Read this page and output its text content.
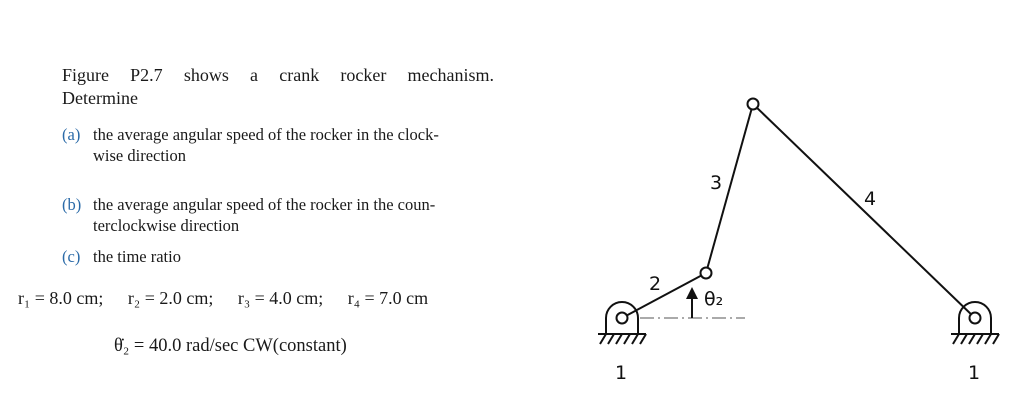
Figure P2.7 shows a crank rocker mechanism.
Determine
(a) the average angular speed of the rocker in the clock-
wise direction
(b) the average angular speed of the rocker in the coun-
terclockwise direction
(c) the time ratio
r₁ = 8.0 cm; r₂ = 2.0 cm; r₃ = 4.0 cm; r₄ = 7.0 cm
θ̇₂ = 40.0 rad/sec CW(constant)
2
3
4
θ₂
1	1
